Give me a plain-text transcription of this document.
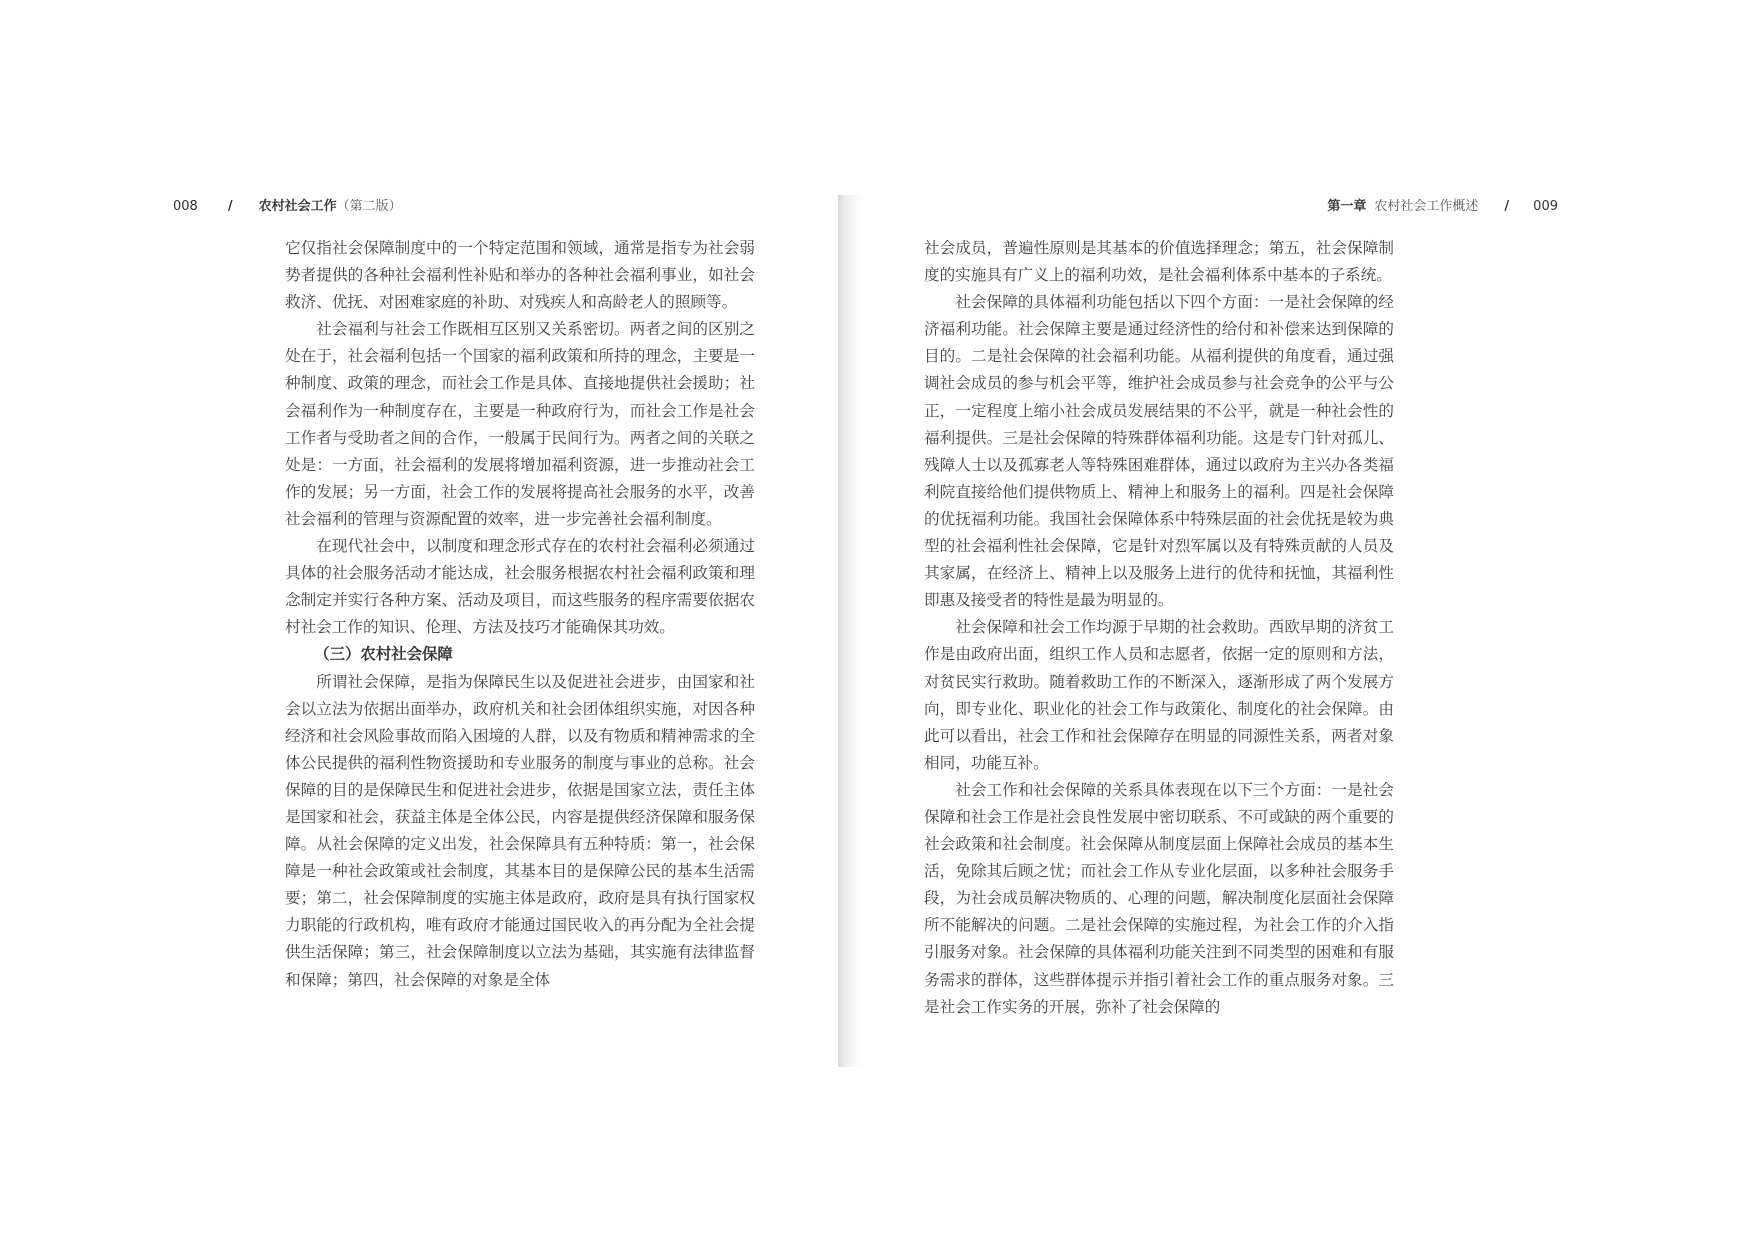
008 / 农村社会工作（第二版）

它仅指社会保障制度中的一个特定范围和领域，通常是指专为社会弱势者提供的各种社会福利性补贴和举办的各种社会福利事业，如社会救济、优抚、对困难家庭的补助、对残疾人和高龄老人的照顾等。

社会福利与社会工作既相互区别又关系密切。两者之间的区别之处在于，社会福利包括一个国家的福利政策和所持的理念，主要是一种制度、政策的理念，而社会工作是具体、直接地提供社会援助；社会福利作为一种制度存在，主要是一种政府行为，而社会工作是社会工作者与受助者之间的合作，一般属于民间行为。两者之间的关联之处是：一方面，社会福利的发展将增加福利资源，进一步推动社会工作的发展；另一方面，社会工作的发展将提高社会服务的水平，改善社会福利的管理与资源配置的效率，进一步完善社会福利制度。

在现代社会中，以制度和理念形式存在的农村社会福利必须通过具体的社会服务活动才能达成，社会服务根据农村社会福利政策和理念制定并实行各种方案、活动及项目，而这些服务的程序需要依据农村社会工作的知识、伦理、方法及技巧才能确保其功效。

（三）农村社会保障

所谓社会保障，是指为保障民生以及促进社会进步，由国家和社会以立法为依据出面举办，政府机关和社会团体组织实施，对因各种经济和社会风险事故而陷入困境的人群，以及有物质和精神需求的全体公民提供的福利性物资援助和专业服务的制度与事业的总称。社会保障的目的是保障民生和促进社会进步，依据是国家立法，责任主体是国家和社会，获益主体是全体公民，内容是提供经济保障和服务保障。从社会保障的定义出发，社会保障具有五种特质：第一，社会保障是一种社会政策或社会制度，其基本目的是保障公民的基本生活需要；第二，社会保障制度的实施主体是政府，政府是具有执行国家权力职能的行政机构，唯有政府才能通过国民收入的再分配为全社会提供生活保障；第三，社会保障制度以立法为基础，其实施有法律监督和保障；第四，社会保障的对象是全体

第一章 农村社会工作概述 / 009

社会成员，普遍性原则是其基本的价值选择理念；第五，社会保障制度的实施具有广义上的福利功效，是社会福利体系中基本的子系统。

社会保障的具体福利功能包括以下四个方面：一是社会保障的经济福利功能。社会保障主要是通过经济性的给付和补偿来达到保障的目的。二是社会保障的社会福利功能。从福利提供的角度看，通过强调社会成员的参与机会平等，维护社会成员参与社会竞争的公平与公正，一定程度上缩小社会成员发展结果的不公平，就是一种社会性的福利提供。三是社会保障的特殊群体福利功能。这是专门针对孤儿、残障人士以及孤寡老人等特殊困难群体，通过以政府为主兴办各类福利院直接给他们提供物质上、精神上和服务上的福利。四是社会保障的优抚福利功能。我国社会保障体系中特殊层面的社会优抚是较为典型的社会福利性社会保障，它是针对烈军属以及有特殊贡献的人员及其家属，在经济上、精神上以及服务上进行的优待和抚恤，其福利性即惠及接受者的特性是最为明显的。

社会保障和社会工作均源于早期的社会救助。西欧早期的济贫工作是由政府出面，组织工作人员和志愿者，依据一定的原则和方法，对贫民实行救助。随着救助工作的不断深入，逐渐形成了两个发展方向，即专业化、职业化的社会工作与政策化、制度化的社会保障。由此可以看出，社会工作和社会保障存在明显的同源性关系，两者对象相同，功能互补。

社会工作和社会保障的关系具体表现在以下三个方面：一是社会保障和社会工作是社会良性发展中密切联系、不可或缺的两个重要的社会政策和社会制度。社会保障从制度层面上保障社会成员的基本生活，免除其后顾之忧；而社会工作从专业化层面，以多种社会服务手段，为社会成员解决物质的、心理的问题，解决制度化层面社会保障所不能解决的问题。二是社会保障的实施过程，为社会工作的介入指引服务对象。社会保障的具体福利功能关注到不同类型的困难和有服务需求的群体，这些群体提示并指引着社会工作的重点服务对象。三是社会工作实务的开展，弥补了社会保障的
